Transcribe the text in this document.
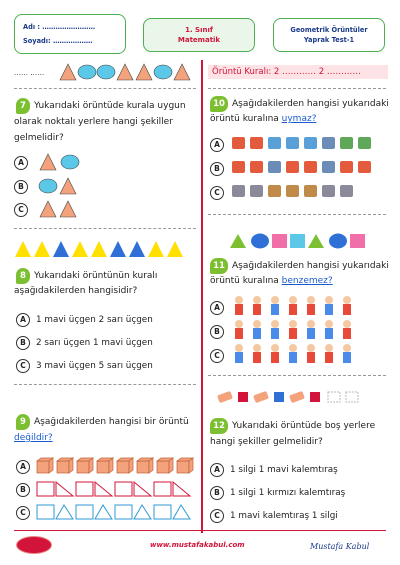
Adı : ……………………
Soyadı: ………………
1. Sınıf
Matematik
Geometrik Örüntüler
Yaprak Test-1
…… ……
7 Yukarıdaki örüntüde kurala uygun
olarak noktalı yerlere hangi şekiller
gelmelidir?
A
B
C
8 Yukarıdaki örüntünün kuralı
aşağıdakilerden hangisidir?
A	1 mavi üçgen 2 sarı üçgen
B	2 sarı üçgen 1 mavi üçgen
C	3 mavi üçgen 5 sarı üçgen
9 Aşağıdakilerden hangisi bir örüntü
değildir?
A
B
C
Örüntü Kuralı: 2 ………… 2 …………
10 Aşağıdakilerden hangisi yukarıdaki
örüntü kuralına uymaz?
A
B
C
11 Aşağıdakilerden hangisi yukarıdaki
örüntü kuralına benzemez?
A
B
C
12 Yukarıdaki örüntüde boş yerlere
hangi şekiller gelmelidir?
A	1 silgi 1 mavi kalemtıraş
B	1 silgi 1 kırmızı kalemtıraş
C	1 mavi kalemtıraş 1 silgi
www.mustafakabul.com	Mustafa Kabul
